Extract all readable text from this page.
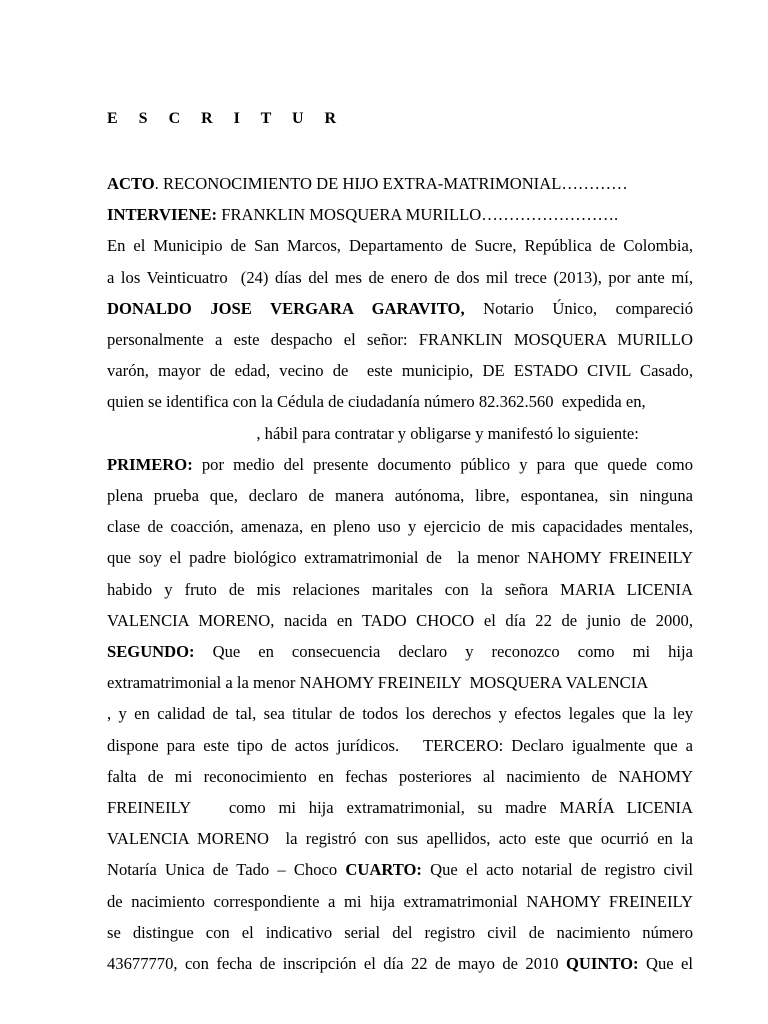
E S C R I T U R
ACTO. RECONOCIMIENTO DE HIJO EXTRA-MATRIMONIAL…………
INTERVIENE: FRANKLIN MOSQUERA MURILLO…………………….
En el Municipio de San Marcos, Departamento de Sucre, República de Colombia,
a los Veinticuatro  (24) días del mes de enero de dos mil trece (2013), por ante mí,
DONALDO JOSE VERGARA GARAVITO, Notario Único, compareció
personalmente a este despacho el señor: FRANKLIN MOSQUERA MURILLO
varón, mayor de edad, vecino de  este municipio, DE ESTADO CIVIL Casado,
quien se identifica con la Cédula de ciudadanía número 82.362.560  expedida en,
, hábil para contratar y obligarse y manifestó lo siguiente:
PRIMERO: por medio del presente documento público y para que quede como
plena prueba que, declaro de manera autónoma, libre, espontanea, sin ninguna
clase de coacción, amenaza, en pleno uso y ejercicio de mis capacidades mentales,
que soy el padre biológico extramatrimonial de  la menor NAHOMY FREINEILY
habido y fruto de mis relaciones maritales con la señora MARIA LICENIA
VALENCIA MORENO, nacida en TADO CHOCO el día 22 de junio de 2000,
SEGUNDO: Que en consecuencia declaro y reconozco como mi hija
extramatrimonial a la menor NAHOMY FREINEILY  MOSQUERA VALENCIA
, y en calidad de tal, sea titular de todos los derechos y efectos legales que la ley
dispone para este tipo de actos jurídicos.   TERCERO: Declaro igualmente que a
falta de mi reconocimiento en fechas posteriores al nacimiento de NAHOMY
FREINEILY   como mi hija extramatrimonial, su madre MARÍA LICENIA
VALENCIA MORENO  la registró con sus apellidos, acto este que ocurrió en la
Notaría Unica de Tado – Choco CUARTO: Que el acto notarial de registro civil
de nacimiento correspondiente a mi hija extramatrimonial NAHOMY FREINEILY
se distingue con el indicativo serial del registro civil de nacimiento número
43677770, con fecha de inscripción el día 22 de mayo de 2010 QUINTO: Que el
